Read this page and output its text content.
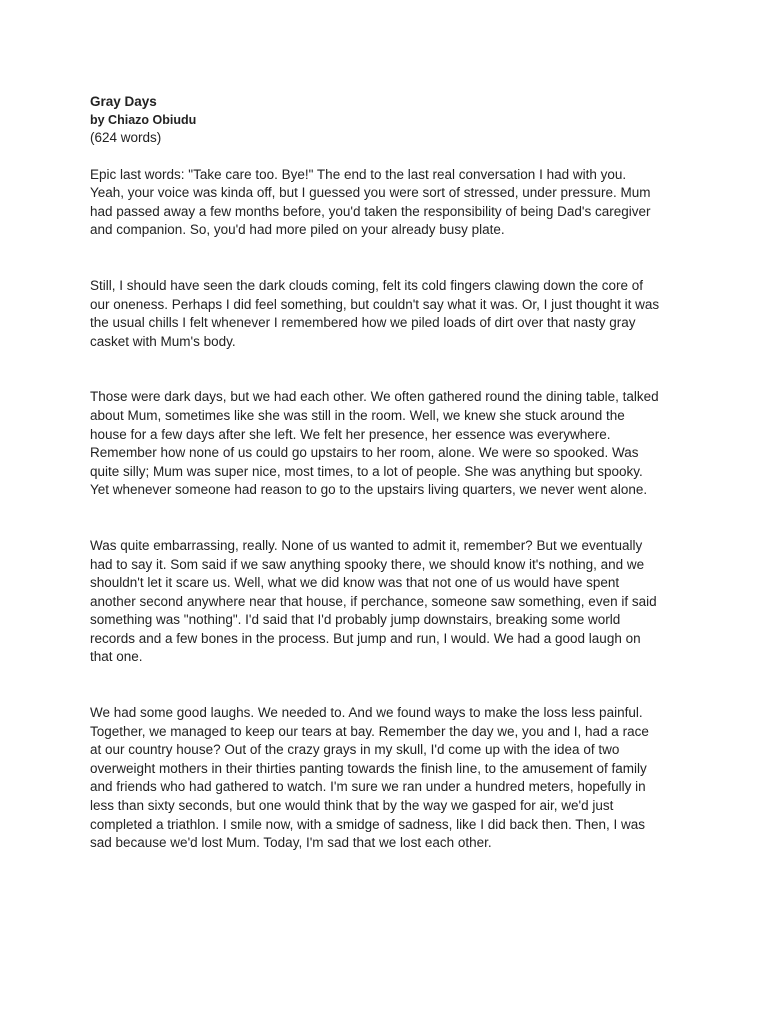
Gray Days
by Chiazo Obiudu
(624 words)

Epic last words: "Take care too. Bye!" The end to the last real conversation I had with you.
Yeah, your voice was kinda off, but I guessed you were sort of stressed, under pressure. Mum
had passed away a few months before, you'd taken the responsibility of being Dad's caregiver
and companion. So, you'd had more piled on your already busy plate.

Still, I should have seen the dark clouds coming, felt its cold fingers clawing down the core of
our oneness. Perhaps I did feel something, but couldn't say what it was. Or, I just thought it was
the usual chills I felt whenever I remembered how we piled loads of dirt over that nasty gray
casket with Mum's body.

Those were dark days, but we had each other. We often gathered round the dining table, talked
about Mum, sometimes like she was still in the room. Well, we knew she stuck around the
house for a few days after she left. We felt her presence, her essence was everywhere.
Remember how none of us could go upstairs to her room, alone. We were so spooked. Was
quite silly; Mum was super nice, most times, to a lot of people. She was anything but spooky.
Yet whenever someone had reason to go to the upstairs living quarters, we never went alone.

Was quite embarrassing, really. None of us wanted to admit it, remember? But we eventually
had to say it. Som said if we saw anything spooky there, we should know it's nothing, and we
shouldn't let it scare us. Well, what we did know was that not one of us would have spent
another second anywhere near that house, if perchance, someone saw something, even if said
something was "nothing". I'd said that I'd probably jump downstairs, breaking some world
records and a few bones in the process. But jump and run, I would. We had a good laugh on
that one.

We had some good laughs. We needed to. And we found ways to make the loss less painful.
Together, we managed to keep our tears at bay. Remember the day we, you and I, had a race
at our country house? Out of the crazy grays in my skull, I'd come up with the idea of two
overweight mothers in their thirties panting towards the finish line, to the amusement of family
and friends who had gathered to watch. I'm sure we ran under a hundred meters, hopefully in
less than sixty seconds, but one would think that by the way we gasped for air, we'd just
completed a triathlon. I smile now, with a smidge of sadness, like I did back then. Then, I was
sad because we'd lost Mum. Today, I'm sad that we lost each other.
